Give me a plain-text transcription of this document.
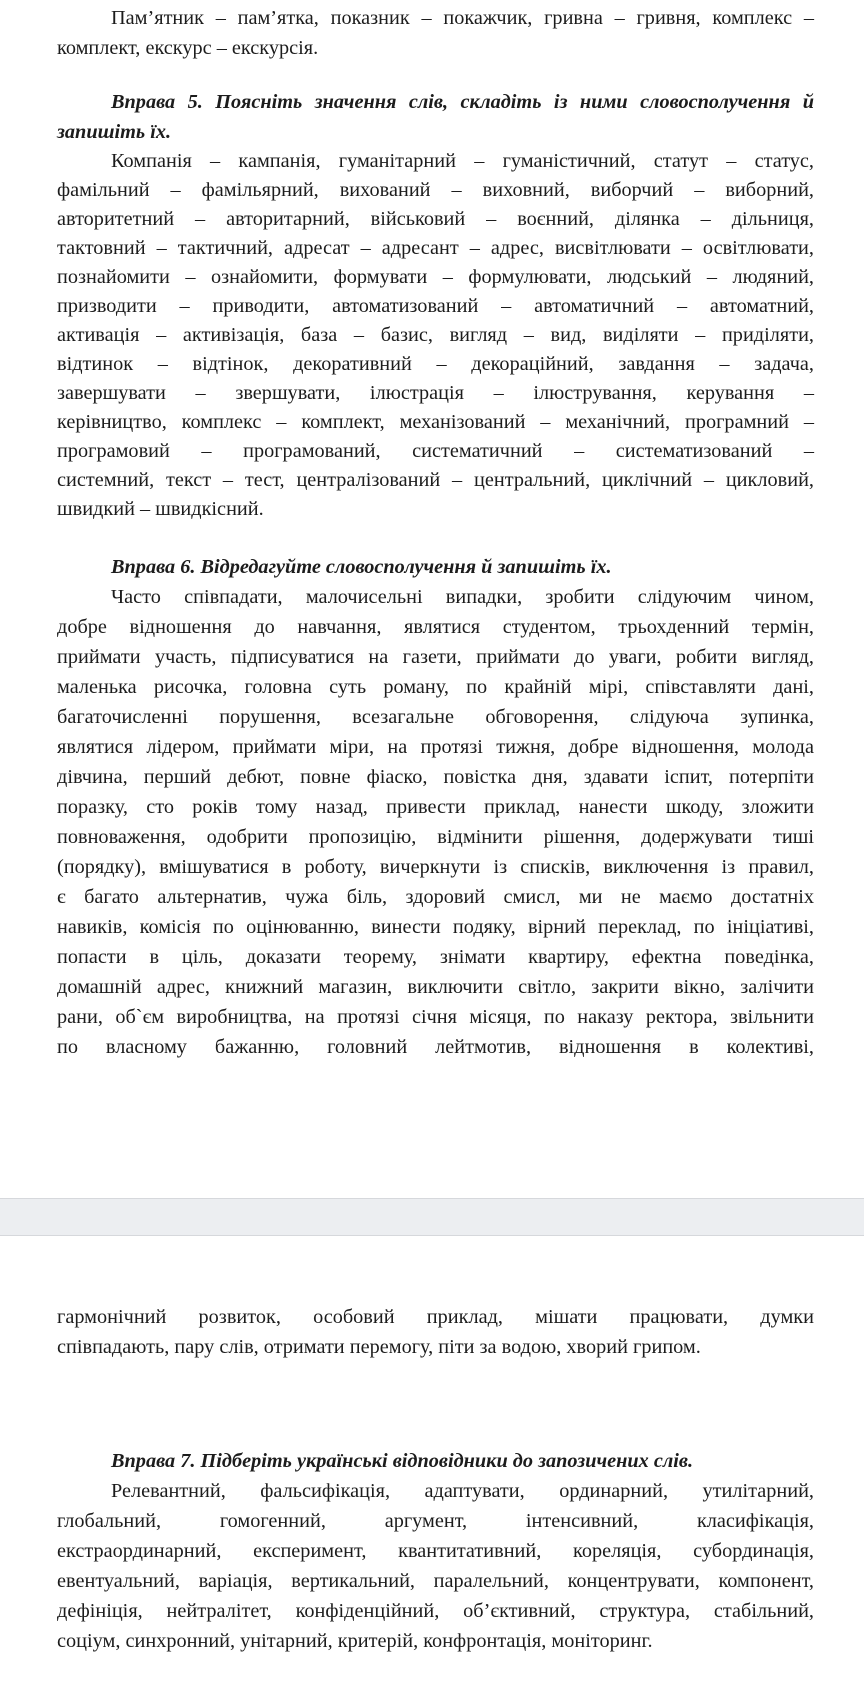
Пам’ятник – пам’ятка, показник – покажчик, гривна – гривня, комплекс –
комплект, екскурс – екскурсія.
Вправа 5. Поясніть значення слів, складіть із ними словосполучення й
запишіть їх.
Компанія – кампанія, гуманітарний – гуманістичний, статут – статус,
фамільний – фамільярний, вихований – виховний, виборчий – виборний,
авторитетний – авторитарний, військовий – воєнний, ділянка – дільниця,
тактовний – тактичний, адресат – адресант – адрес, висвітлювати – освітлювати,
познайомити – ознайомити, формувати – формулювати, людський – людяний,
призводити – приводити, автоматизований – автоматичний – автоматний,
активація – активізація, база – базис, вигляд – вид, виділяти – приділяти,
відтинок – відтінок, декоративний – декораційний, завдання – задача,
завершувати – звершувати, ілюстрація – ілюстрування, керування –
керівництво, комплекс – комплект, механізований – механічний, програмний –
програмовий – програмований, систематичний – систематизований –
системний, текст – тест, централізований – центральний, циклічний – цикловий,
швидкий – швидкісний.
Вправа 6. Відредагуйте словосполучення й запишіть їх.
Часто співпадати, малочисельні випадки, зробити слідуючим чином,
добре відношення до навчання, являтися студентом, трьохденний термін,
приймати участь, підписуватися на газети, приймати до уваги, робити вигляд,
маленька рисочка, головна суть роману, по крайній мірі, співставляти дані,
багаточисленні порушення, всезагальне обговорення, слідуюча зупинка,
являтися лідером, приймати міри, на протязі тижня, добре відношення, молода
дівчина, перший дебют, повне фіаско, повістка дня, здавати іспит, потерпіти
поразку, сто років тому назад, привести приклад, нанести шкоду, зложити
повноваження, одобрити пропозицію, відмінити рішення, додержувати тиші
(порядку), вмішуватися в роботу, вичеркнути із списків, виключення із правил,
є багато альтернатив, чужа біль, здоровий смисл, ми не маємо достатніх
навиків, комісія по оцінюванню, винести подяку, вірний переклад, по ініціативі,
попасти в ціль, доказати теорему, знімати квартиру, ефектна поведінка,
домашній адрес, книжний магазин, виключити світло, закрити вікно, залічити
рани, об`єм виробництва, на протязі січня місяця, по наказу ректора, звільнити
по власному бажанню, головний лейтмотив, відношення в колективі,
гармонічний розвиток, особовий приклад, мішати працювати, думки
співпадають, пару слів, отримати перемогу, піти за водою, хворий грипом.
Вправа 7. Підберіть українські відповідники до запозичених слів.
Релевантний, фальсифікація, адаптувати, ординарний, утилітарний,
глобальний, гомогенний, аргумент, інтенсивний, класифікація,
екстраординарний, експеримент, квантитативний, кореляція, субординація,
евентуальний, варіація, вертикальний, паралельний, концентрувати, компонент,
дефініція, нейтралітет, конфіденційний, об’єктивний, структура, стабільний,
соціум, синхронний, унітарний, критерій, конфронтація, моніторинг.
